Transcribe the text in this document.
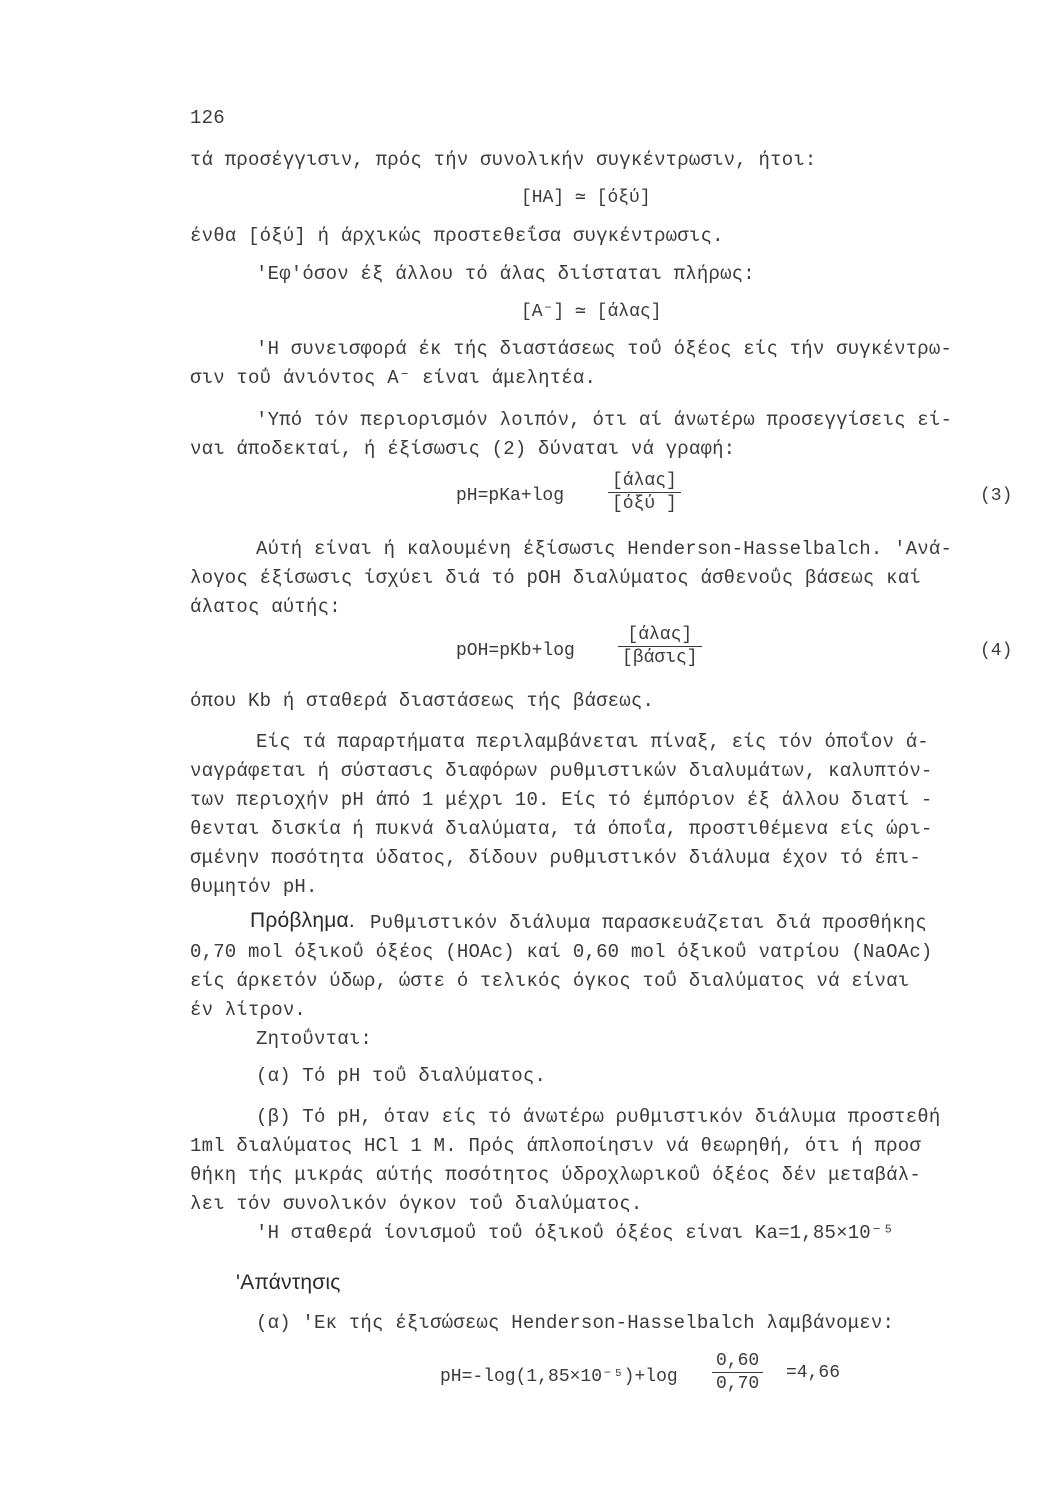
126
τά προσέγγισιν, πρός τήν συνολικήν συγκέντρωσιν, ήτοι:
[HA] ≃ [όξύ]
ένθα [όξύ] ή άρχικώς προστεθεΐσα συγκέντρωσις.
'Εφ'όσον έξ άλλου τό άλας διίσταται πλήρως:
[A⁻] ≃ [άλας]
'Η συνεισφορά έκ τής διαστάσεως τοΰ όξέος είς τήν συγκέντρω-
σιν τοΰ άνιόντος A⁻ είναι άμελητέα.
'Υπό τόν περιορισμόν λοιπόν, ότι αί άνωτέρω προσεγγίσεις εί-
ναι άποδεκταί, ή έξίσωσις (2) δύναται νά γραφή:
pH=pKa+log
[άλας]
[όξύ ]	(3)
Αύτή είναι ή καλουμένη έξίσωσις Henderson-Hasselbalch. 'Ανά-
λογος έξίσωσις ίσχύει διά τό pOH διαλύματος άσθενοΰς βάσεως καί
άλατος αύτής:
pOH=pKb+log
[άλας]
[βάσις]	(4)
όπου Kb ή σταθερά διαστάσεως τής βάσεως.
Είς τά παραρτήματα περιλαμβάνεται πίναξ, είς τόν όποΐον ά-
ναγράφεται ή σύστασις διαφόρων ρυθμιστικών διαλυμάτων, καλυπτόν-
των περιοχήν pH άπό 1 μέχρι 10. Είς τό έμπόριον έξ άλλου διατί -
θενται δισκία ή πυκνά διαλύματα, τά όποΐα, προστιθέμενα είς ώρι-
σμένην ποσότητα ύδατος, δίδουν ρυθμιστικόν διάλυμα έχον τό έπι-
θυμητόν pH.
Πρόβλημα. Ρυθμιστικόν διάλυμα παρασκευάζεται διά προσθήκης
0,70 mol όξικοΰ όξέος (HOAc) καί 0,60 mol όξικοΰ νατρίου (NaOAc)
είς άρκετόν ύδωρ, ώστε ό τελικός όγκος τοΰ διαλύματος νά είναι
έν λίτρον.
Ζητοΰνται:
(α) Τό pH τοΰ διαλύματος.
(β) Τό pH, όταν είς τό άνωτέρω ρυθμιστικόν διάλυμα προστεθή
1ml διαλύματος HCl 1 M. Πρός άπλοποίησιν νά θεωρηθή, ότι ή προσ
θήκη τής μικράς αύτής ποσότητος ύδροχλωρικοΰ όξέος δέν μεταβάλ-
λει τόν συνολικόν όγκον τοΰ διαλύματος.
'Η σταθερά ίονισμοΰ τοΰ όξικοΰ όξέος είναι Ka=1,85×10⁻⁵
'Απάντησις
(α) 'Εκ τής έξισώσεως Henderson-Hasselbalch λαμβάνομεν:
$pH=-\log(1,85\times 10^{-5})+\log \frac{0,60}{0,70} =4,66$
